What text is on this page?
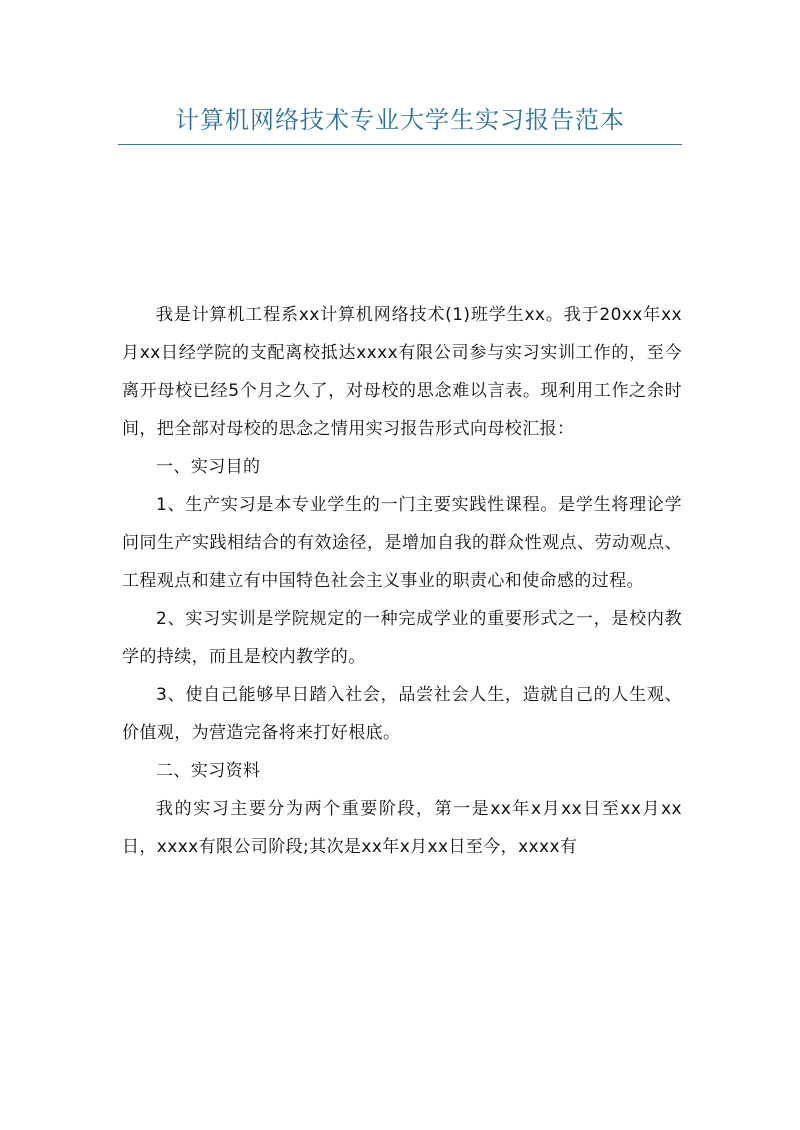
计算机网络技术专业大学生实习报告范本

我是计算机工程系xx计算机网络技术(1)班学生xx。我于20xx年xx月xx日经学院的支配离校抵达xxxx有限公司参与实习实训工作的，至今离开母校已经5个月之久了，对母校的思念难以言表。现利用工作之余时间，把全部对母校的思念之情用实习报告形式向母校汇报：

一、实习目的

1、生产实习是本专业学生的一门主要实践性课程。是学生将理论学问同生产实践相结合的有效途径，是增加自我的群众性观点、劳动观点、工程观点和建立有中国特色社会主义事业的职责心和使命感的过程。

2、实习实训是学院规定的一种完成学业的重要形式之一，是校内教学的持续，而且是校内教学的。

3、使自己能够早日踏入社会，品尝社会人生，造就自己的人生观、价值观，为营造完备将来打好根底。

二、实习资料

我的实习主要分为两个重要阶段，第一是xx年x月xx日至xx月xx日，xxxx有限公司阶段;其次是xx年x月xx日至今，xxxx有
